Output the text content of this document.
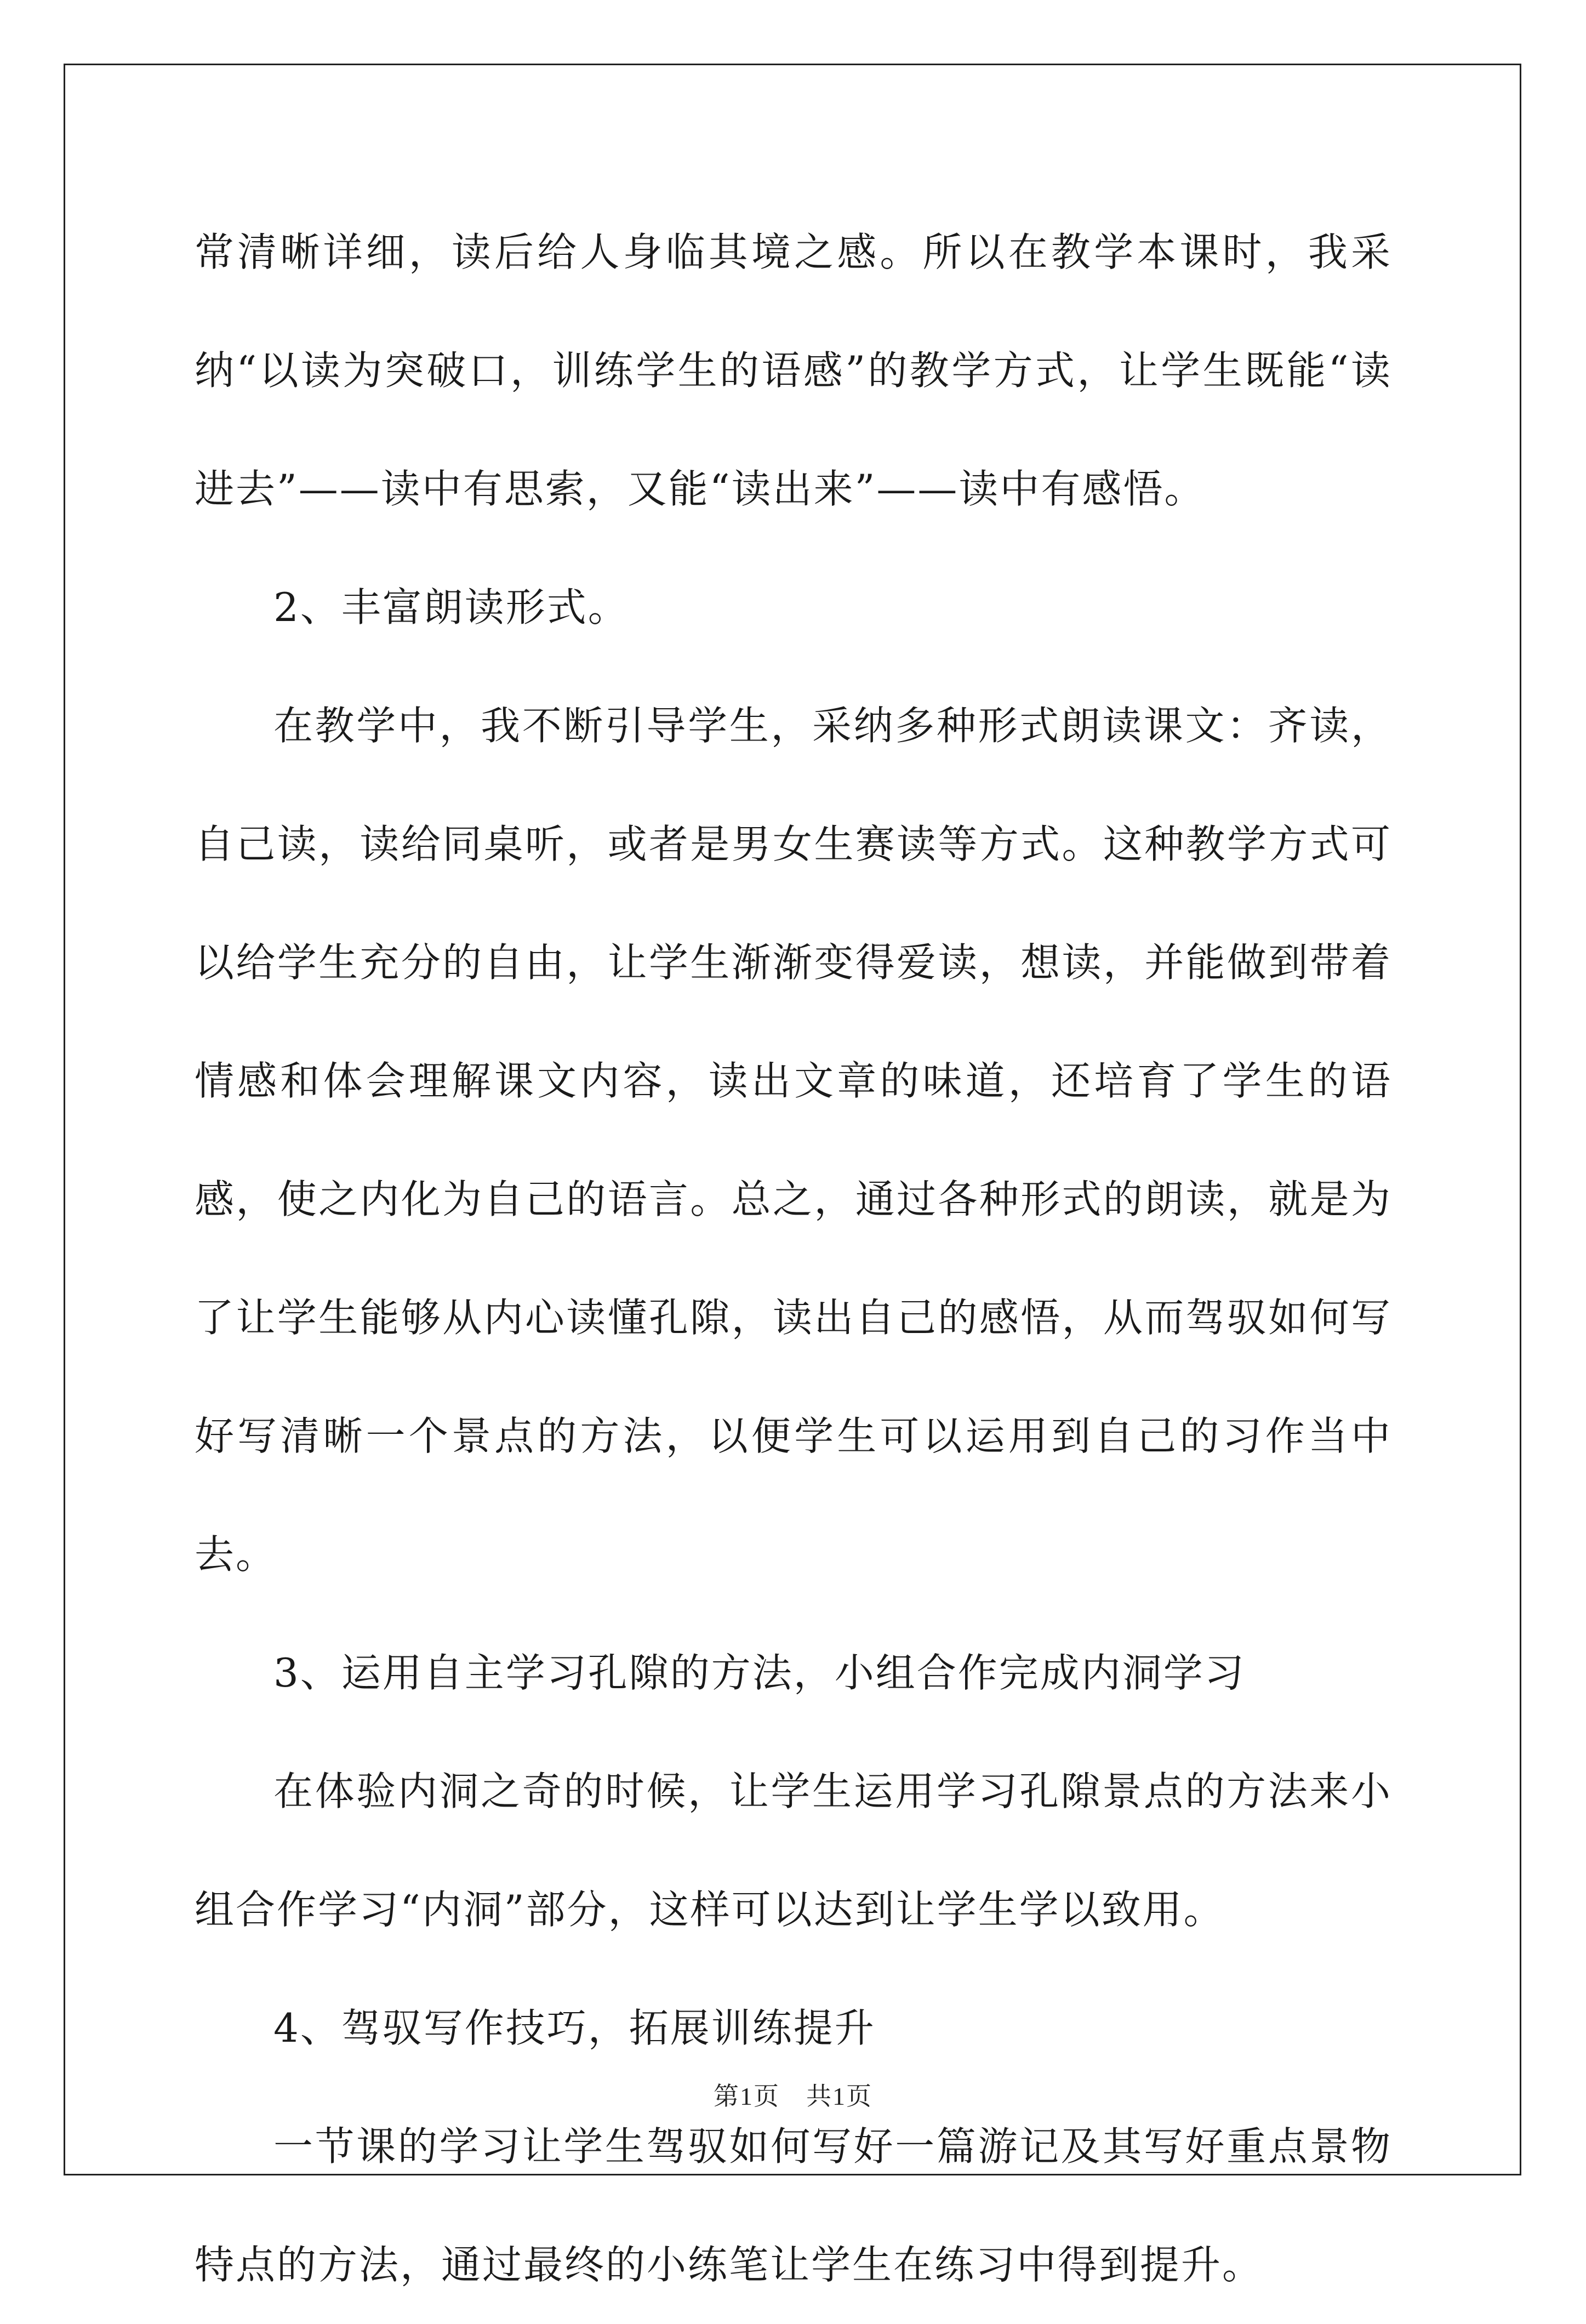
常清晰详细，读后给人身临其境之感。所以在教学本课时，我采纳“以读为突破口，训练学生的语感”的教学方式，让学生既能“读进去”——读中有思索，又能“读出来”——读中有感悟。

2、丰富朗读形式。

在教学中，我不断引导学生，采纳多种形式朗读课文：齐读，自己读，读给同桌听，或者是男女生赛读等方式。这种教学方式可以给学生充分的自由，让学生渐渐变得爱读，想读，并能做到带着情感和体会理解课文内容，读出文章的味道，还培育了学生的语感，使之内化为自己的语言。总之，通过各种形式的朗读，就是为了让学生能够从内心读懂孔隙，读出自己的感悟，从而驾驭如何写好写清晰一个景点的方法，以便学生可以运用到自己的习作当中去。

3、运用自主学习孔隙的方法，小组合作完成内洞学习

在体验内洞之奇的时候，让学生运用学习孔隙景点的方法来小组合作学习“内洞”部分，这样可以达到让学生学以致用。

4、驾驭写作技巧，拓展训练提升

一节课的学习让学生驾驭如何写好一篇游记及其写好重点景物特点的方法，通过最终的小练笔让学生在练习中得到提升。

第1页　共1页
